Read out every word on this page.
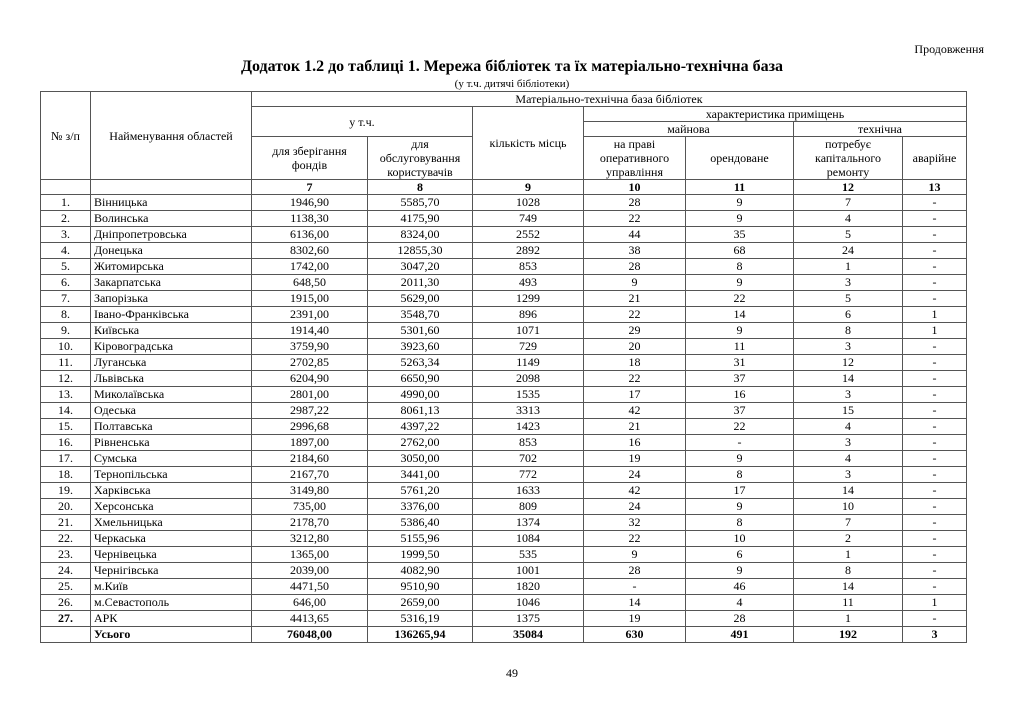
Продовження
Додаток 1.2 до таблиці 1. Мережа бібліотек та їх матеріально-технічна база
(у т.ч. дитячі бібліотеки)
№ з/п	Найменування областей	Матеріально-технічна база бібліотек						
		у т.ч.		кількість місць	характеристика приміщень			
					майнова		технічна	
		для зберігання фондів	для обслуговування користувачів		на праві оперативного управління	орендоване	потребує капітального ремонту	аварійне
		7	8	9	10	11	12	13
1.	Вінницька	1946,90	5585,70	1028	28	9	7	-
2.	Волинська	1138,30	4175,90	749	22	9	4	-
3.	Дніпропетровська	6136,00	8324,00	2552	44	35	5	-
4.	Донецька	8302,60	12855,30	2892	38	68	24	-
5.	Житомирська	1742,00	3047,20	853	28	8	1	-
6.	Закарпатська	648,50	2011,30	493	9	9	3	-
7.	Запорізька	1915,00	5629,00	1299	21	22	5	-
8.	Івано-Франківська	2391,00	3548,70	896	22	14	6	1
9.	Київська	1914,40	5301,60	1071	29	9	8	1
10.	Кіровоградська	3759,90	3923,60	729	20	11	3	-
11.	Луганська	2702,85	5263,34	1149	18	31	12	-
12.	Львівська	6204,90	6650,90	2098	22	37	14	-
13.	Миколаївська	2801,00	4990,00	1535	17	16	3	-
14.	Одеська	2987,22	8061,13	3313	42	37	15	-
15.	Полтавська	2996,68	4397,22	1423	21	22	4	-
16.	Рівненська	1897,00	2762,00	853	16	-	3	-
17.	Сумська	2184,60	3050,00	702	19	9	4	-
18.	Тернопільська	2167,70	3441,00	772	24	8	3	-
19.	Харківська	3149,80	5761,20	1633	42	17	14	-
20.	Херсонська	735,00	3376,00	809	24	9	10	-
21.	Хмельницька	2178,70	5386,40	1374	32	8	7	-
22.	Черкаська	3212,80	5155,96	1084	22	10	2	-
23.	Чернівецька	1365,00	1999,50	535	9	6	1	-
24.	Чернігівська	2039,00	4082,90	1001	28	9	8	-
25.	м.Київ	4471,50	9510,90	1820	-	46	14	-
26.	м.Севастополь	646,00	2659,00	1046	14	4	11	1
27.	АРК	4413,65	5316,19	1375	19	28	1	-
	Усього	76048,00	136265,94	35084	630	491	192	3
49
